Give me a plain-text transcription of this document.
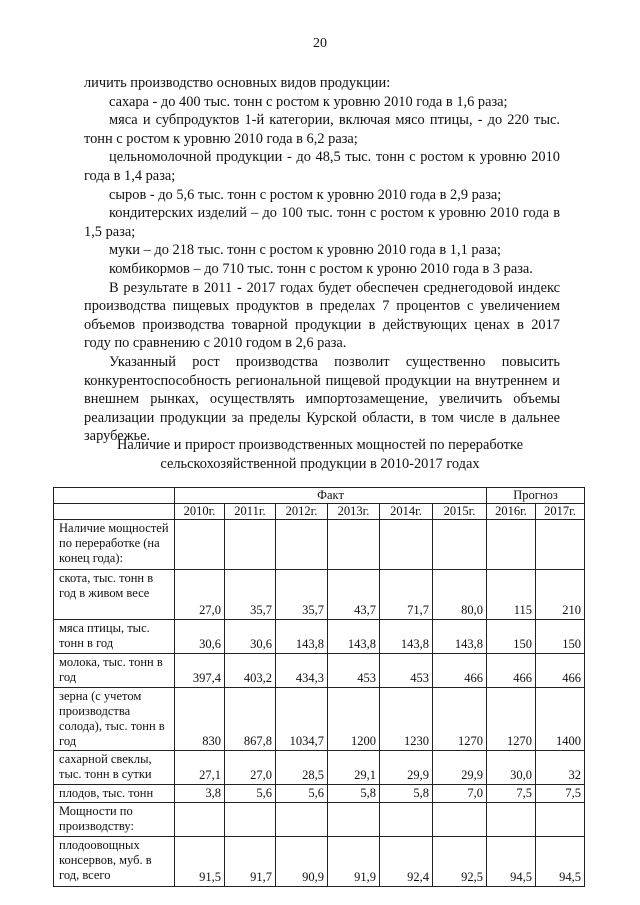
20

личить производство основных видов продукции:

сахара - до 400 тыс. тонн с ростом к уровню 2010 года в 1,6 раза;

мяса и субпродуктов 1-й категории, включая мясо птицы, - до 220 тыс. тонн с ростом к уровню 2010 года в 6,2 раза;

цельномолочной продукции - до 48,5 тыс. тонн с ростом к уровню 2010 года в 1,4 раза;

сыров - до 5,6 тыс. тонн с ростом к уровню 2010 года в 2,9 раза;

кондитерских изделий – до 100 тыс. тонн с ростом к уровню 2010 года в 1,5 раза;

муки – до 218 тыс. тонн с ростом к уровню 2010 года в 1,1 раза;

комбикормов – до 710 тыс. тонн с ростом к уроню 2010 года в 3 раза.

В результате в 2011 - 2017 годах будет обеспечен среднегодовой индекс производства пищевых продуктов в пределах 7 процентов с увеличением объемов производства товарной продукции в действующих ценах в 2017 году по сравнению с 2010 годом в 2,6 раза.

Указанный рост производства позволит существенно повысить конкурентоспособность региональной пищевой продукции на внутреннем и внешнем рынках, осуществлять импортозамещение, увеличить объемы реализации продукции за пределы Курской области, в том числе в дальнее зарубежье.

Наличие и прирост производственных мощностей по переработке сельскохозяйственной продукции в 2010-2017 годах
	Факт						Прогноз	
	2010г.	2011г.	2012г.	2013г.	2014г.	2015г.	2016г.	2017г.
Наличие мощностей по переработке (на конец года):								
скота, тыс. тонн в год в живом весе	27,0	35,7	35,7	43,7	71,7	80,0	115	210
мяса птицы, тыс. тонн в год	30,6	30,6	143,8	143,8	143,8	143,8	150	150
молока, тыс. тонн в год	397,4	403,2	434,3	453	453	466	466	466
зерна (с учетом производства солода), тыс. тонн в год	830	867,8	1034,7	1200	1230	1270	1270	1400
сахарной свеклы, тыс. тонн в сутки	27,1	27,0	28,5	29,1	29,9	29,9	30,0	32
плодов, тыс. тонн	3,8	5,6	5,6	5,8	5,8	7,0	7,5	7,5
Мощности по производству:								
плодоовощных консервов, муб. в год, всего	91,5	91,7	90,9	91,9	92,4	92,5	94,5	94,5
